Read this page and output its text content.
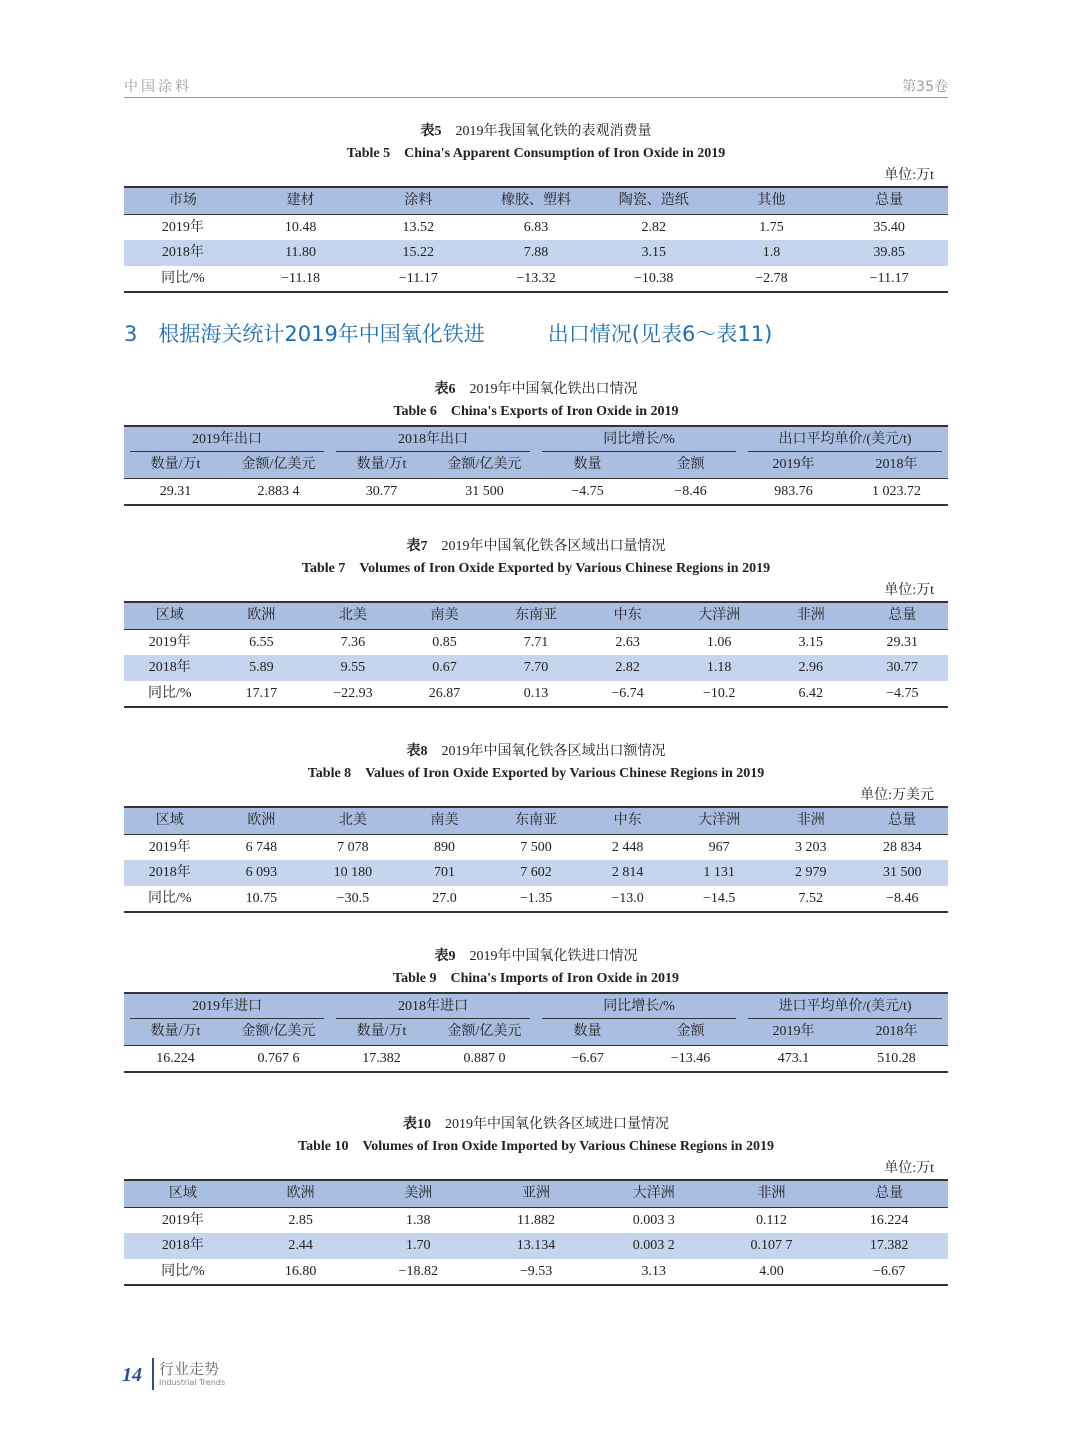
中国涂料	第35卷
3　根据海关统计2019年中国氧化铁进　　　出口情况(见表6～表11)
表5　 2019年我国氧化铁的表观消费量
Table 5　 China's Apparent Consumption of Iron Oxide in 2019
单位:万t
市场	建材	涂料	橡胶、塑料	陶瓷、造纸	其他	总量
2019年	10.48	13.52	6.83	2.82	1.75	35.40
2018年	11.80	15.22	7.88	3.15	1.8	39.85
同比/%	−11.18	−11.17	−13.32	−10.38	−2.78	−11.17
表6　 2019年中国氧化铁出口情况
Table 6　 China's Exports of Iron Oxide in 2019
2019年出口	2018年出口	同比增长/%	出口平均单价/(美元/t)
数量/万t	金额/亿美元	数量/万t	金额/亿美元	数量	金额	2019年	2018年
29.31	2.883 4	30.77	31 500	−4.75	−8.46	983.76	1 023.72
表7　 2019年中国氧化铁各区域出口量情况
Table 7　 Volumes of Iron Oxide Exported by Various Chinese Regions in 2019
单位:万t
区域	欧洲	北美	南美	东南亚	中东	大洋洲	非洲	总量
2019年	6.55	7.36	0.85	7.71	2.63	1.06	3.15	29.31
2018年	5.89	9.55	0.67	7.70	2.82	1.18	2.96	30.77
同比/%	17.17	−22.93	26.87	0.13	−6.74	−10.2	6.42	−4.75
表8　 2019年中国氧化铁各区域出口额情况
Table 8　 Values of Iron Oxide Exported by Various Chinese Regions in 2019
单位:万美元
区域	欧洲	北美	南美	东南亚	中东	大洋洲	非洲	总量
2019年	6 748	7 078	890	7 500	2 448	967	3 203	28 834
2018年	6 093	10 180	701	7 602	2 814	1 131	2 979	31 500
同比/%	10.75	−30.5	27.0	−1.35	−13.0	−14.5	7.52	−8.46
表9　 2019年中国氧化铁进口情况
Table 9　 China's Imports of Iron Oxide in 2019
2019年进口	2018年进口	同比增长/%	进口平均单价/(美元/t)
数量/万t	金额/亿美元	数量/万t	金额/亿美元	数量	金额	2019年	2018年
16.224	0.767 6	17.382	0.887 0	−6.67	−13.46	473.1	510.28
表10　 2019年中国氧化铁各区域进口量情况
Table 10　 Volumes of Iron Oxide Imported by Various Chinese Regions in 2019
单位:万t
区域	欧洲	美洲	亚洲	大洋洲	非洲	总量
2019年	2.85	1.38	11.882	0.003 3	0.112	16.224
2018年	2.44	1.70	13.134	0.003 2	0.107 7	17.382
同比/%	16.80	−18.82	−9.53	3.13	4.00	−6.67
14 行业走势
Industrial Trends
